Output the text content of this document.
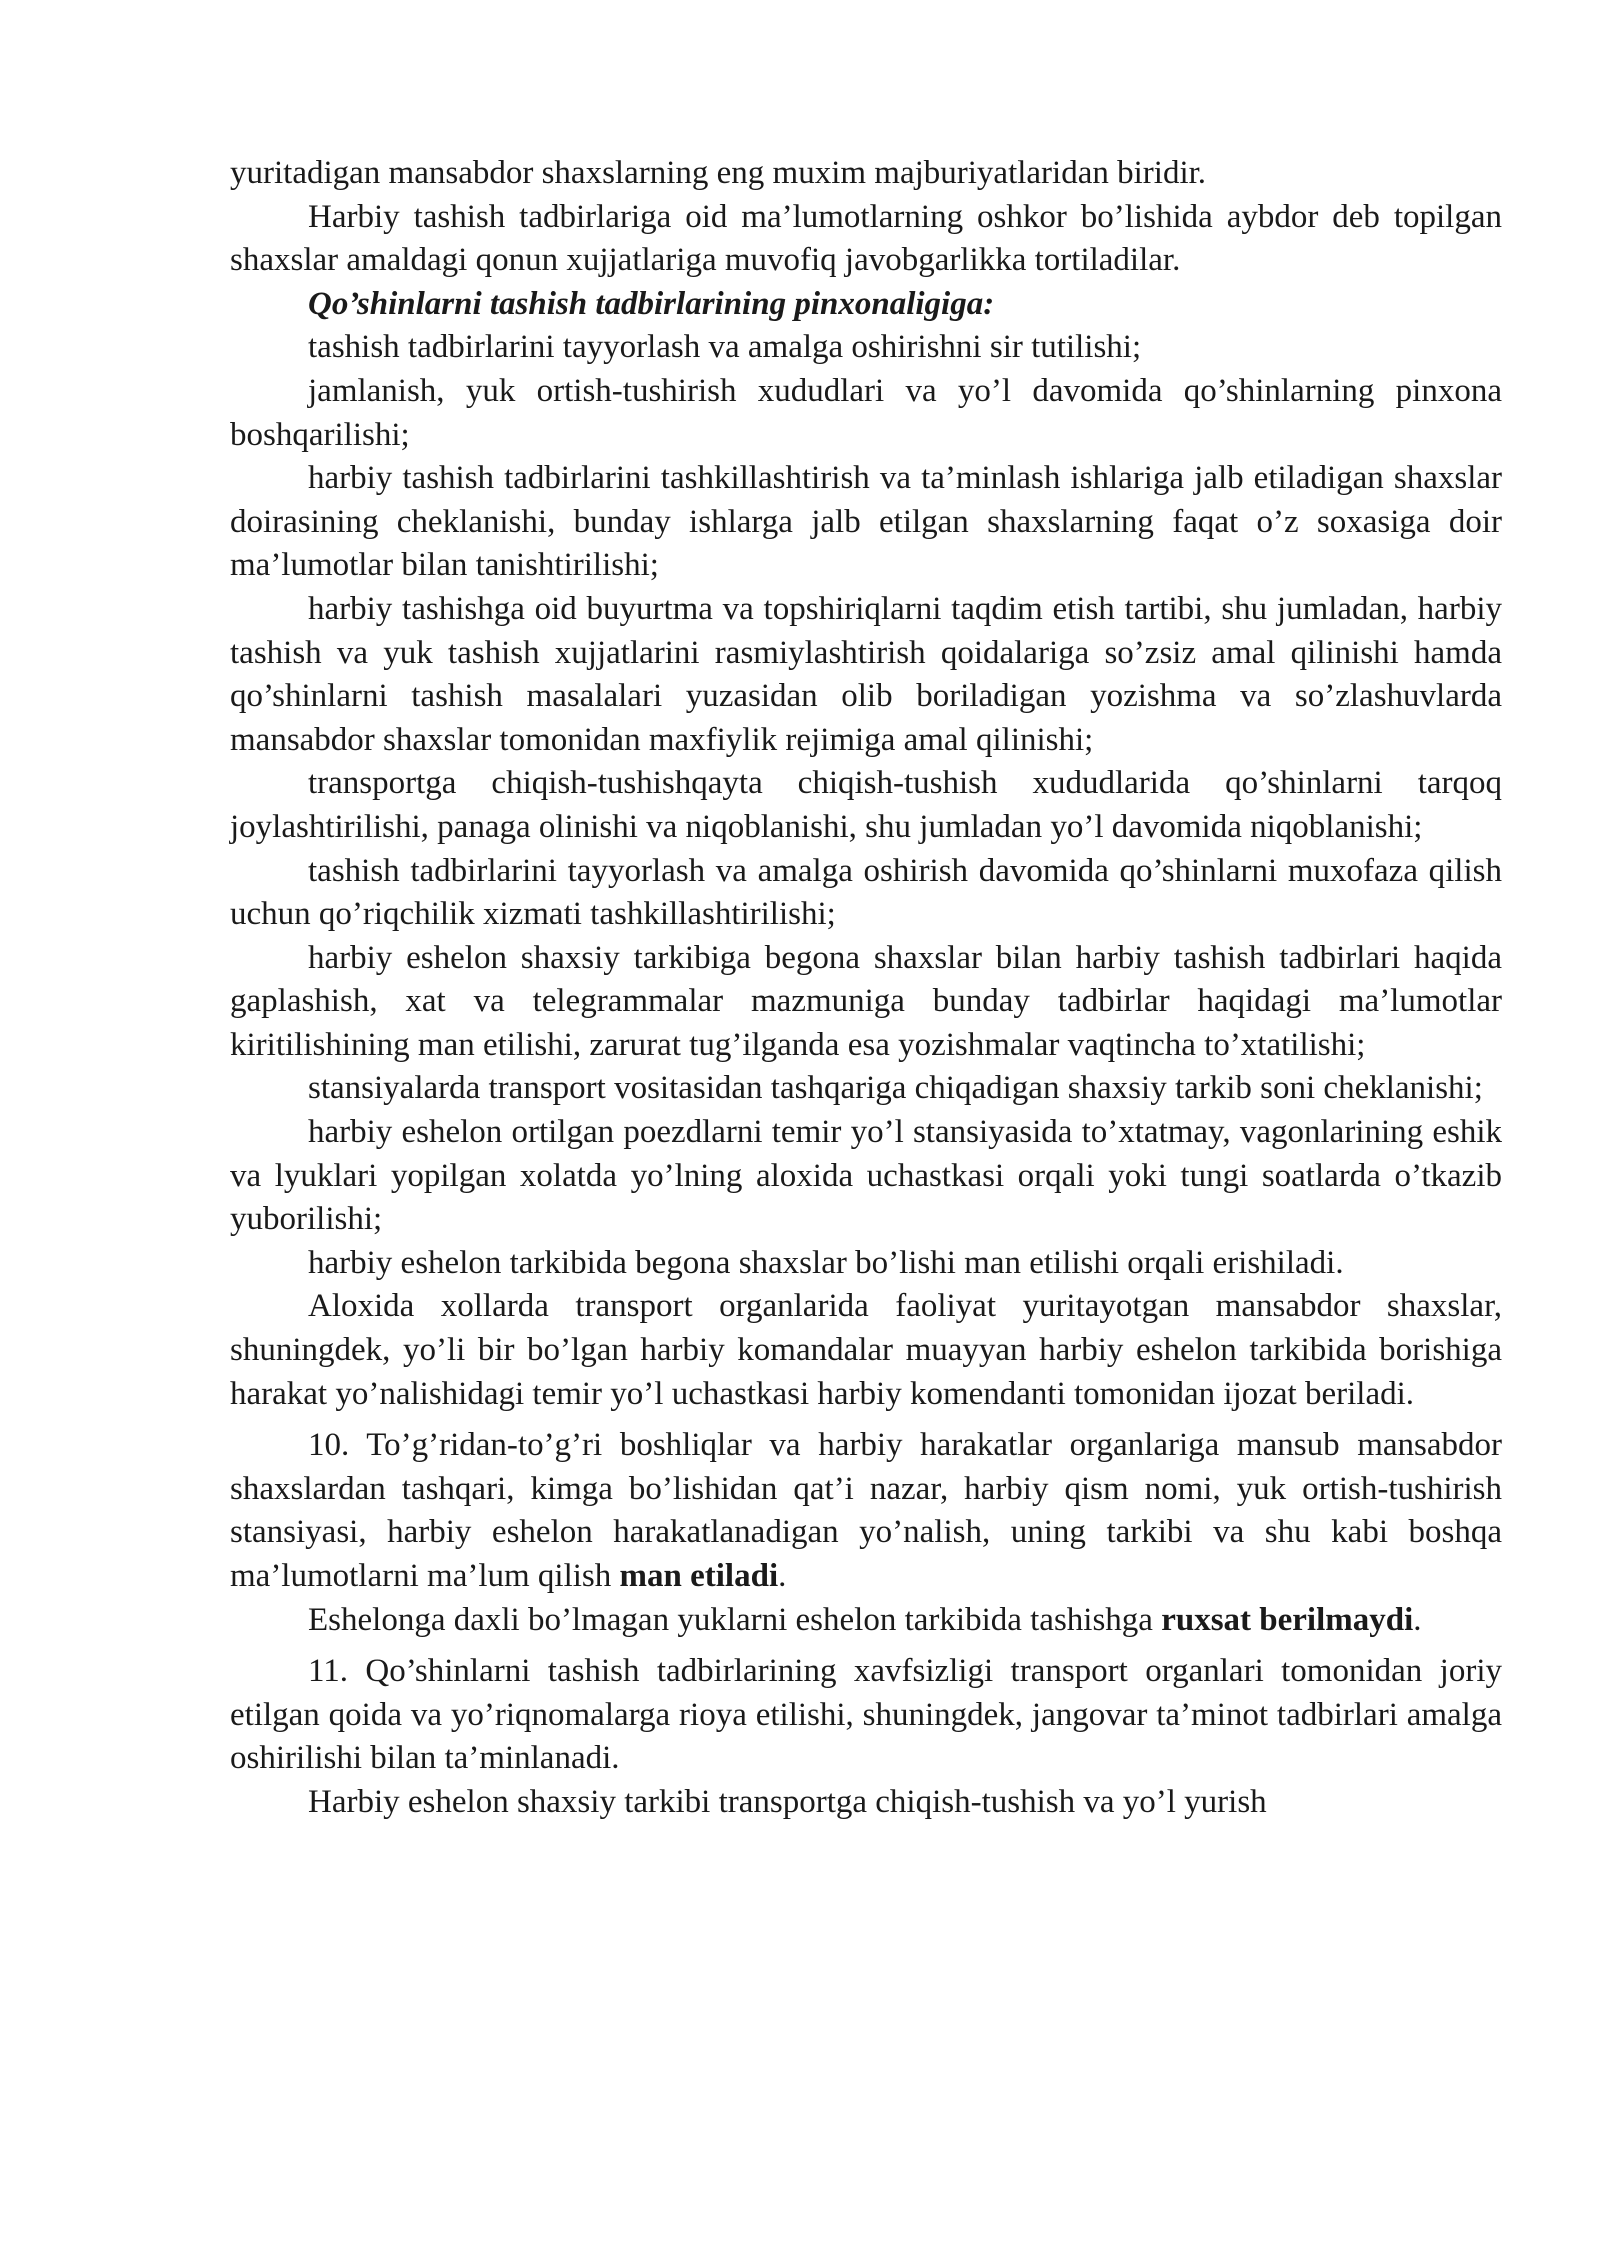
yuritadigan mansabdor shaxslarning eng muxim majburiyatlaridan biridir.

Harbiy tashish tadbirlariga oid ma’lumotlarning oshkor bo’lishida aybdor deb topilgan shaxslar amaldagi qonun xujjatlariga muvofiq javobgarlikka tortiladilar.

Qo’shinlarni tashish tadbirlarining pinxonaligiga:

tashish tadbirlarini tayyorlash va amalga oshirishni sir tutilishi;

jamlanish, yuk ortish-tushirish xududlari va yo’l davomida qo’shinlarning pinxona boshqarilishi;

harbiy tashish tadbirlarini tashkillashtirish va ta’minlash ishlariga jalb etiladigan shaxslar doirasining cheklanishi, bunday ishlarga jalb etilgan shaxslarning faqat o’z soxasiga doir ma’lumotlar bilan tanishtirilishi;

harbiy tashishga oid buyurtma va topshiriqlarni taqdim etish tartibi, shu jumladan, harbiy tashish va yuk tashish xujjatlarini rasmiylashtirish qoidalariga so’zsiz amal qilinishi hamda qo’shinlarni tashish masalalari yuzasidan olib boriladigan yozishma va so’zlashuvlarda mansabdor shaxslar tomonidan maxfiylik rejimiga amal qilinishi;

transportga chiqish-tushishqayta chiqish-tushish xududlarida qo’shinlarni tarqoq joylashtirilishi, panaga olinishi va niqoblanishi, shu jumladan yo’l davomida niqoblanishi;

tashish tadbirlarini tayyorlash va amalga oshirish davomida qo’shinlarni muxofaza qilish uchun qo’riqchilik xizmati tashkillashtirilishi;

harbiy eshelon shaxsiy tarkibiga begona shaxslar bilan harbiy tashish tadbirlari haqida gaplashish, xat va telegrammalar mazmuniga bunday tadbirlar haqidagi ma’lumotlar kiritilishining man etilishi, zarurat tug’ilganda esa yozishmalar vaqtincha to’xtatilishi;

stansiyalarda transport vositasidan tashqariga chiqadigan shaxsiy tarkib soni cheklanishi;

harbiy eshelon ortilgan poezdlarni temir yo’l stansiyasida to’xtatmay, vagonlarining eshik va lyuklari yopilgan xolatda yo’lning aloxida uchastkasi orqali yoki tungi soatlarda o’tkazib yuborilishi;

harbiy eshelon tarkibida begona shaxslar bo’lishi man etilishi orqali erishiladi.

Aloxida xollarda transport organlarida faoliyat yuritayotgan mansabdor shaxslar, shuningdek, yo’li bir bo’lgan harbiy komandalar muayyan harbiy eshelon tarkibida borishiga harakat yo’nalishidagi temir yo’l uchastkasi harbiy komendanti tomonidan ijozat beriladi.

10. To’g’ridan-to’g’ri boshliqlar va harbiy harakatlar organlariga mansub mansabdor shaxslardan tashqari, kimga bo’lishidan qat’i nazar, harbiy qism nomi, yuk ortish-tushirish stansiyasi, harbiy eshelon harakatlanadigan yo’nalish, uning tarkibi va shu kabi boshqa ma’lumotlarni ma’lum qilish man etiladi.

Eshelonga daxli bo’lmagan yuklarni eshelon tarkibida tashishga ruxsat berilmaydi.

11. Qo’shinlarni tashish tadbirlarining xavfsizligi transport organlari tomonidan joriy etilgan qoida va yo’riqnomalarga rioya etilishi, shuningdek, jangovar ta’minot tadbirlari amalga oshirilishi bilan ta’minlanadi.

Harbiy eshelon shaxsiy tarkibi transportga chiqish-tushish va yo’l yurish
